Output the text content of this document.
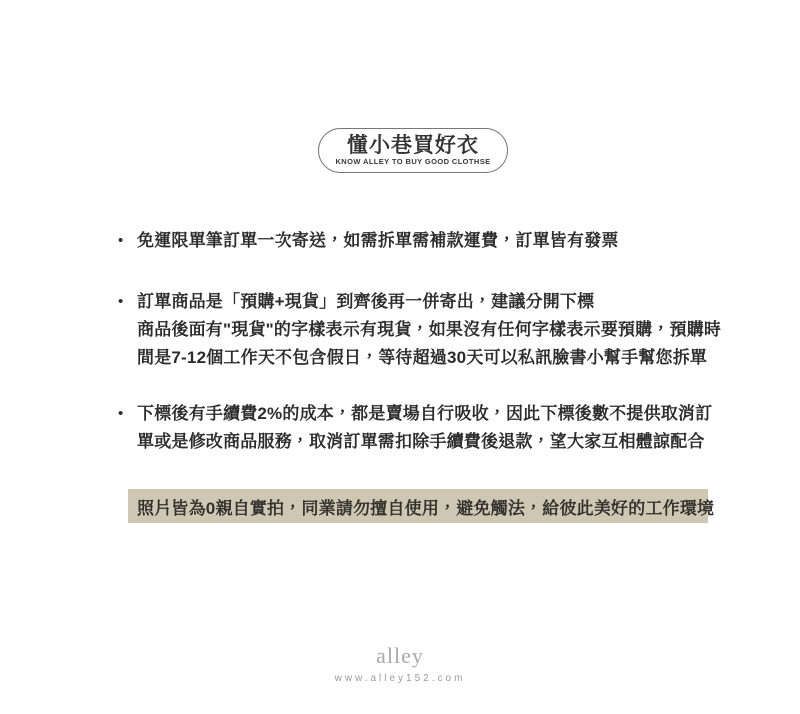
懂小巷買好衣
KNOW ALLEY TO BUY GOOD CLOTHSE
• 免運限單筆訂單一次寄送，如需拆單需補款運費，訂單皆有發票
• 訂單商品是「預購+現貨」到齊後再一併寄出，建議分開下標
商品後面有"現貨"的字樣表示有現貨，如果沒有任何字樣表示要預購，預購時
間是7-12個工作天不包含假日，等待超過30天可以私訊臉書小幫手幫您拆單
• 下標後有手續費2%的成本，都是賣場自行吸收，因此下標後數不提供取消訂
單或是修改商品服務，取消訂單需扣除手續費後退款，望大家互相體諒配合
照片皆為0親自實拍，同業請勿擅自使用，避免觸法，給彼此美好的工作環境
alley
www.alley152.com
